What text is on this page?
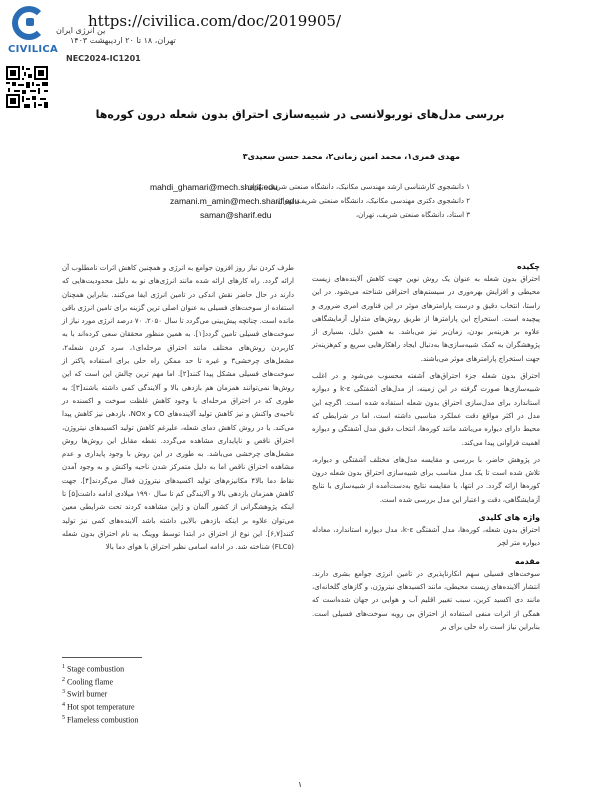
CIVILICA
https://civilica.com/doc/2019905/
ین انرژی ایران
تهران، ۱۸ تا ۲۰ اردیبهشت ۱۴۰۳
NEC2024-IC1201
بررسی مدل‌های توربولانسی در شبیه‌سازی احتراق بدون شعله درون کوره‌ها
مهدی قمری۱، محمد امین زمانی۲، محمد حسن سعیدی۳
mahdi_ghamari@mech.sharif.edu
۱ دانشجوی کارشناسی ارشد مهندسی مکانیک، دانشگاه صنعتی شریف، تهران،
zamani.m_amin@mech.sharif.edu
۲ دانشجوی دکتری مهندسی مکانیک، دانشگاه صنعتی شریف، تهران،
saman@sharif.edu	۳ استاد، دانشگاه صنعتی شریف، تهران،
چکیده

احتراق بدون شعله به عنوان یک روش نوین جهت کاهش آلاینده‌های زیست محیطی و افزایش بهره‌وری در سیستم‌های احتراقی شناخته می‌شود. در این راستا، انتخاب دقیق و درست پارامترهای موثر در این فناوری امری ضروری و پیچیده است. استخراج این پارامترها از طریق روش‌های متداول آزمایشگاهی علاوه بر هزینه‌بر بودن، زمان‌بر نیز می‌باشد. به همین دلیل، بسیاری از پژوهشگران به کمک شبیه‌سازی‌ها به‌دنبال ایجاد راهکارهایی سریع و کم‌هزینه‌تر جهت استخراج پارامترهای موثر می‌باشند.

احتراق بدون شعله جزء احتراق‌های آشفته محسوب می‌شود و در اغلب شبیه‌سازی‌ها صورت گرفته در این زمینه، از مدل‌های آشفتگی k-ε و دیواره استاندارد برای مدل‌سازی احتراق بدون شعله استفاده شده است. اگرچه این مدل در اکثر مواقع دقت عملکرد مناسبی داشته است، اما در شرایطی که محیط دارای دیواره می‌باشد مانند کوره‌ها، انتخاب دقیق مدل آشفتگی و دیواره اهمیت فراوانی پیدا می‌کند.

در پژوهش حاضر، با بررسی و مقایسه مدل‌های مختلف آشفتگی و دیواره، تلاش شده است تا یک مدل مناسب برای شبیه‌سازی احتراق بدون شعله درون کوره‌ها ارائه گردد. در انتها، با مقایسه نتایج به‌دست‌آمده از شبیه‌سازی با نتایج آزمایشگاهی، دقت و اعتبار این مدل بررسی شده است.

واژه های کلیدی

احتراق بدون شعله، کوره‌ها، مدل آشفتگی k-ε، مدل دیواره استاندارد، معادله دیواره متر لچر

مقدمه

سوخت‌های فسیلی سهم انکارناپذیری در تامین انرژی جوامع بشری دارند. انتشار آلاینده‌های زیست محیطی، مانند اکسیدهای نیتروژن، و گازهای گلخانه‌ای، مانند دی اکسید کربن، سبب تغییر اقلیم آب و هوایی در جهان شده‌است که همگی از اثرات منفی استفاده از احتراق بی رویه سوخت‌های فسیلی است. بنابراین نیاز است راه حلی برای بر

طرف کردن نیاز روز افزون جوامع به انرژی و همچنین کاهش اثرات نامطلوب آن ارائه گردد. راه کارهای ارائه شده مانند انرژی‌های نو به دلیل محدودیت‌هایی که دارند در حال حاضر نقش اندکی در تامین انرژی ایفا می‌کنند. بنابراین همچنان استفاده از سوخت‌های فسیلی به عنوان اصلی ترین گزینه برای تامین انرژی باقی مانده است. چنانچه پیش‌بینی می‌گردد تا سال ۲۰۵۰، ۷۰ درصد انرژی مورد نیاز از سوخت‌های فسیلی تامین گردد[۱]. به همین منظور محققان سعی کرده‌اند با به کاربردن روش‌های مختلف مانند احتراق مرحله‌ای۱، سرد کردن شعله۲، مشعل‌های چرخشی۳ و غیره تا حد ممکن راه حلی برای استفاده پاکتر از سوخت‌های فسیلی مشکل پیدا کنند[۲]. اما مهم ترین چالش این است که این روش‌ها نمی‌توانند همزمان هم بازدهی بالا و آلایندگی کمی داشته باشند[۳]؛ به طوری که در احتراق مرحله‌ای با وجود کاهش غلظت سوخت و اکسنده در ناحیه‌ی واکنش و نیز کاهش تولید آلاینده‌های CO و NOx، بازدهی نیز کاهش پیدا می‌کند. یا در روش کاهش دمای شعله، علیرغم کاهش تولید اکسیدهای نیتروژن، احتراق ناقص و ناپایداری مشاهده می‌گردد. نقطه مقابل این روش‌ها روش مشعل‌های چرخشی می‌باشد. به طوری در این روش با وجود پایداری و عدم مشاهده احتراق ناقص اما به دلیل متمرکز شدن ناحیه واکنش و به وجود آمدن نقاط دما بالا۴ مکانیزم‌های تولید اکسیدهای نیتروژن فعال می‌گردند[۴]. جهت کاهش همزمان بازدهی بالا و آلایندگی کم تا سال ۱۹۹۰ میلادی ادامه داشت[۵] تا اینکه پژوهشگرانی از کشور آلمان و ژاپن مشاهده کردند تحت شرایطی معین می‌توان علاوه بر اینکه بازدهی بالایی داشته باشد آلاینده‌های کمی نیز تولید کنند[۶,۷]. این نوع از احتراق در ابتدا توسط ووینگ به نام احتراق بدون شعله (FLC۵) شناخته شد. در ادامه اسامی نظیر احتراق با هوای دما بالا

$^1$ Stage combustion
$^2$ Cooling flame
$^3$ Swirl burner
$^4$ Hot spot temperature
$^5$ Flameless combustion
۱
